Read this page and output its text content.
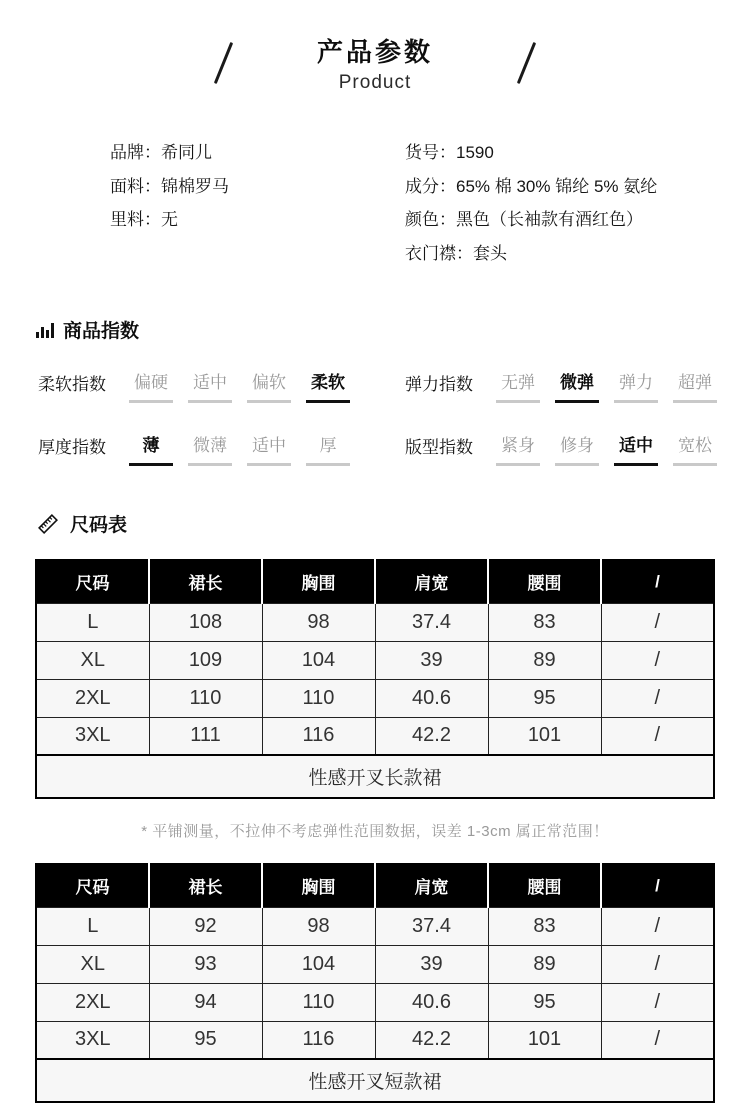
产品参数
Product
品牌：希同儿
面料：锦棉罗马
里料：无
货号：1590
成分：65% 棉 30% 锦纶 5% 氨纶
颜色：黑色（长袖款有酒红色）
衣门襟：套头
商品指数
柔软指数 偏硬 适中 偏软 柔软	弹力指数 无弹 微弹 弹力 超弹
厚度指数	薄	微薄 适中	厚	版型指数 紧身 修身 适中 宽松
尺码表
尺码	裙长	胸围	肩宽	腰围	/
L	108	98	37.4	83	/
XL	109	104	39	89	/
2XL	110	110	40.6	95	/
3XL	111	116	42.2	101	/
性感开叉长款裙					
* 平铺测量，不拉伸不考虑弹性范围数据，误差 1-3cm 属正常范围！
尺码	裙长	胸围	肩宽	腰围	/
L	92	98	37.4	83	/
XL	93	104	39	89	/
2XL	94	110	40.6	95	/
3XL	95	116	42.2	101	/
性感开叉短款裙					
